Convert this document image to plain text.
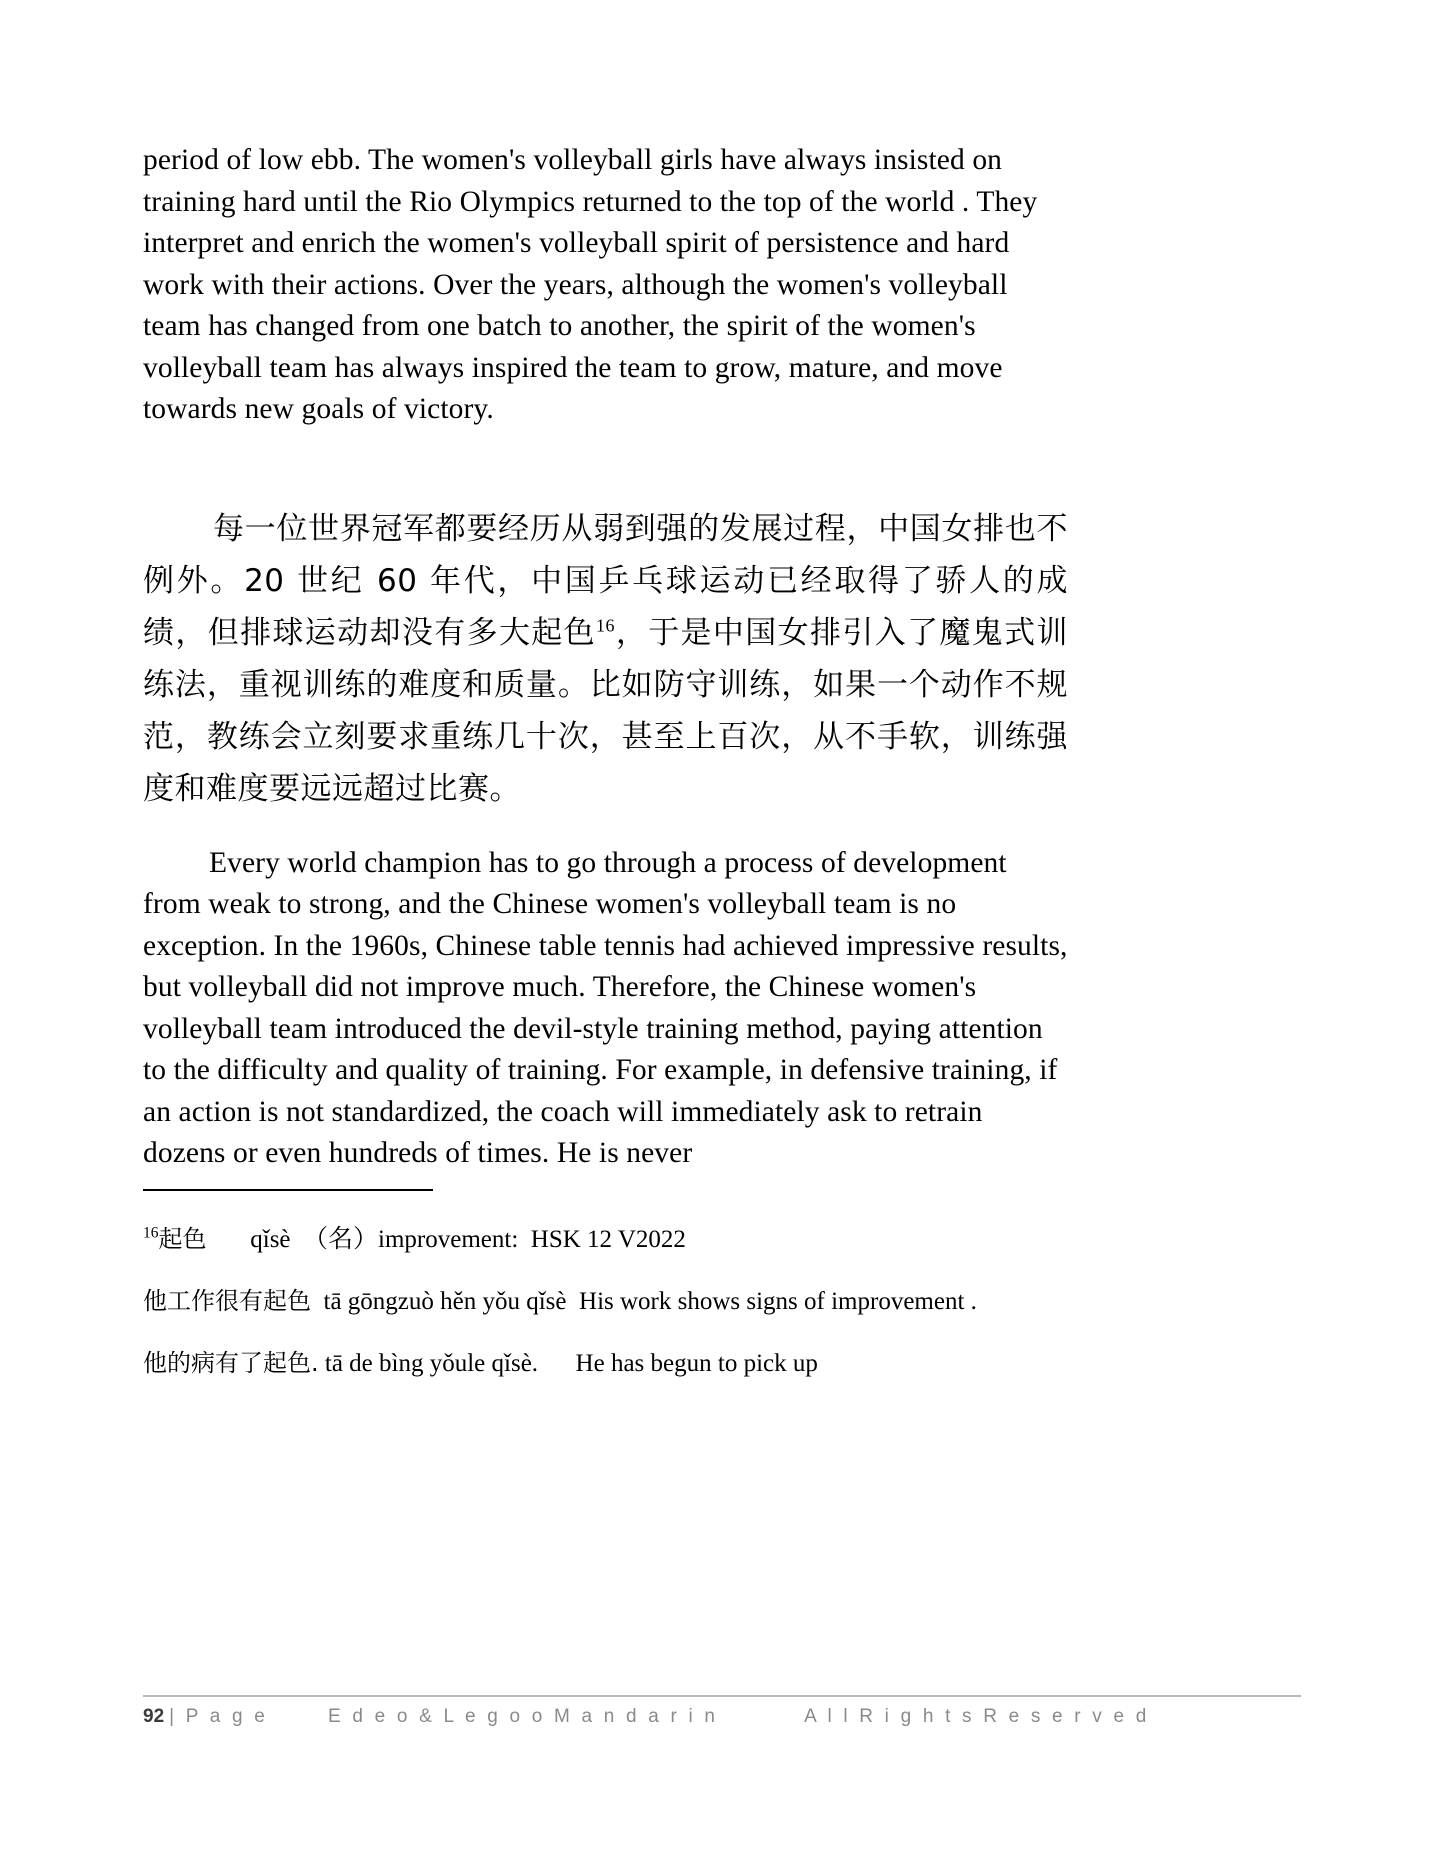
period of low ebb. The women's volleyball girls have always insisted on training hard until the Rio Olympics returned to the top of the world . They interpret and enrich the women's volleyball spirit of persistence and hard work with their actions. Over the years, although the women's volleyball team has changed from one batch to another, the spirit of the women's volleyball team has always inspired the team to grow, mature, and move towards new goals of victory.

每一位世界冠军都要经历从弱到强的发展过程，中国女排也不例外。20 世纪 60 年代，中国乒乓球运动已经取得了骄人的成绩，但排球运动却没有多大起色$^{16}$，于是中国女排引入了魔鬼式训练法，重视训练的难度和质量。比如防守训练，如果一个动作不规范，教练会立刻要求重练几十次，甚至上百次，从不手软，训练强度和难度要远远超过比赛。

Every world champion has to go through a process of development from weak to strong, and the Chinese women's volleyball team is no exception. In the 1960s, Chinese table tennis had achieved impressive results, but volleyball did not improve much. Therefore, the Chinese women's volleyball team introduced the devil-style training method, paying attention to the difficulty and quality of training. For example, in defensive training, if an action is not standardized, the coach will immediately ask to retrain dozens or even hundreds of times. He is never

$^{16}$起色 qǐsè （名）improvement:  HSK 12 V2022

他工作很有起色 tā gōngzuò hěn yǒu qǐsè His work shows signs of improvement .

他的病有了起色. tā de bìng yǒule qǐsè. He has begun to pick up

92 | P a g e	E d e o & L e g o o M a n d a r i n	A l l R i g h t s R e s e r v e d
